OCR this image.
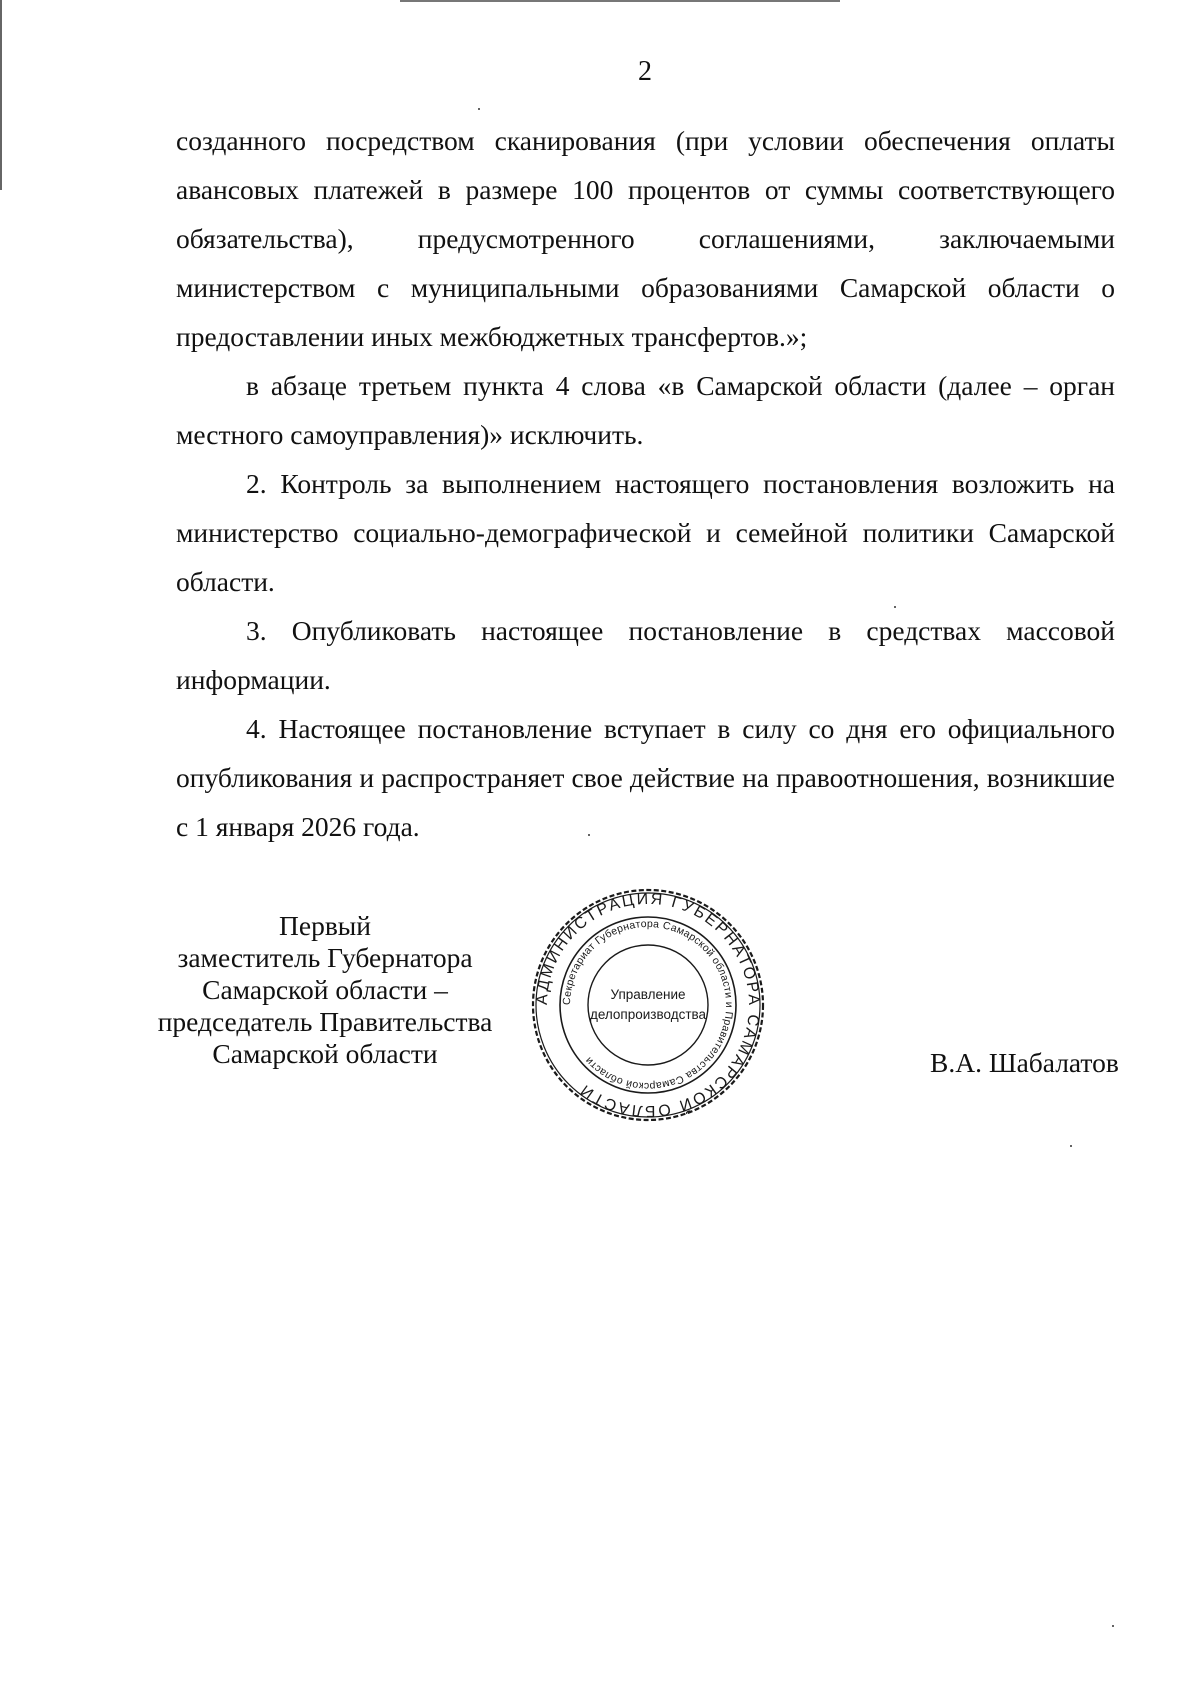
2

созданного посредством сканирования (при условии обеспечения оплаты авансовых платежей в размере 100 процентов от суммы соответствующего обязательства), предусмотренного соглашениями, заключаемыми министерством с муниципальными образованиями Самарской области о предоставлении иных межбюджетных трансфертов.»;

в абзаце третьем пункта 4 слова «в Самарской области (далее – орган местного самоуправления)» исключить.

2. Контроль за выполнением настоящего постановления возложить на министерство социально-демографической и семейной политики Самарской области.

3. Опубликовать настоящее постановление в средствах массовой информации.

4. Настоящее постановление вступает в силу со дня его официального опубликования и распространяет свое действие на правоотношения, возникшие с 1 января 2026 года.

Первый
заместитель Губернатора
Самарской области –
председатель Правительства
Самарской области	В.А. Шабалатов
АДМИНИСТРАЦИЯ ГУБЕРНАТОРА САМАРСКОЙ ОБЛАСТИ
Секретариат Губернатора Самарской области и Правительства Самарской области
Управление
делопроизводства
